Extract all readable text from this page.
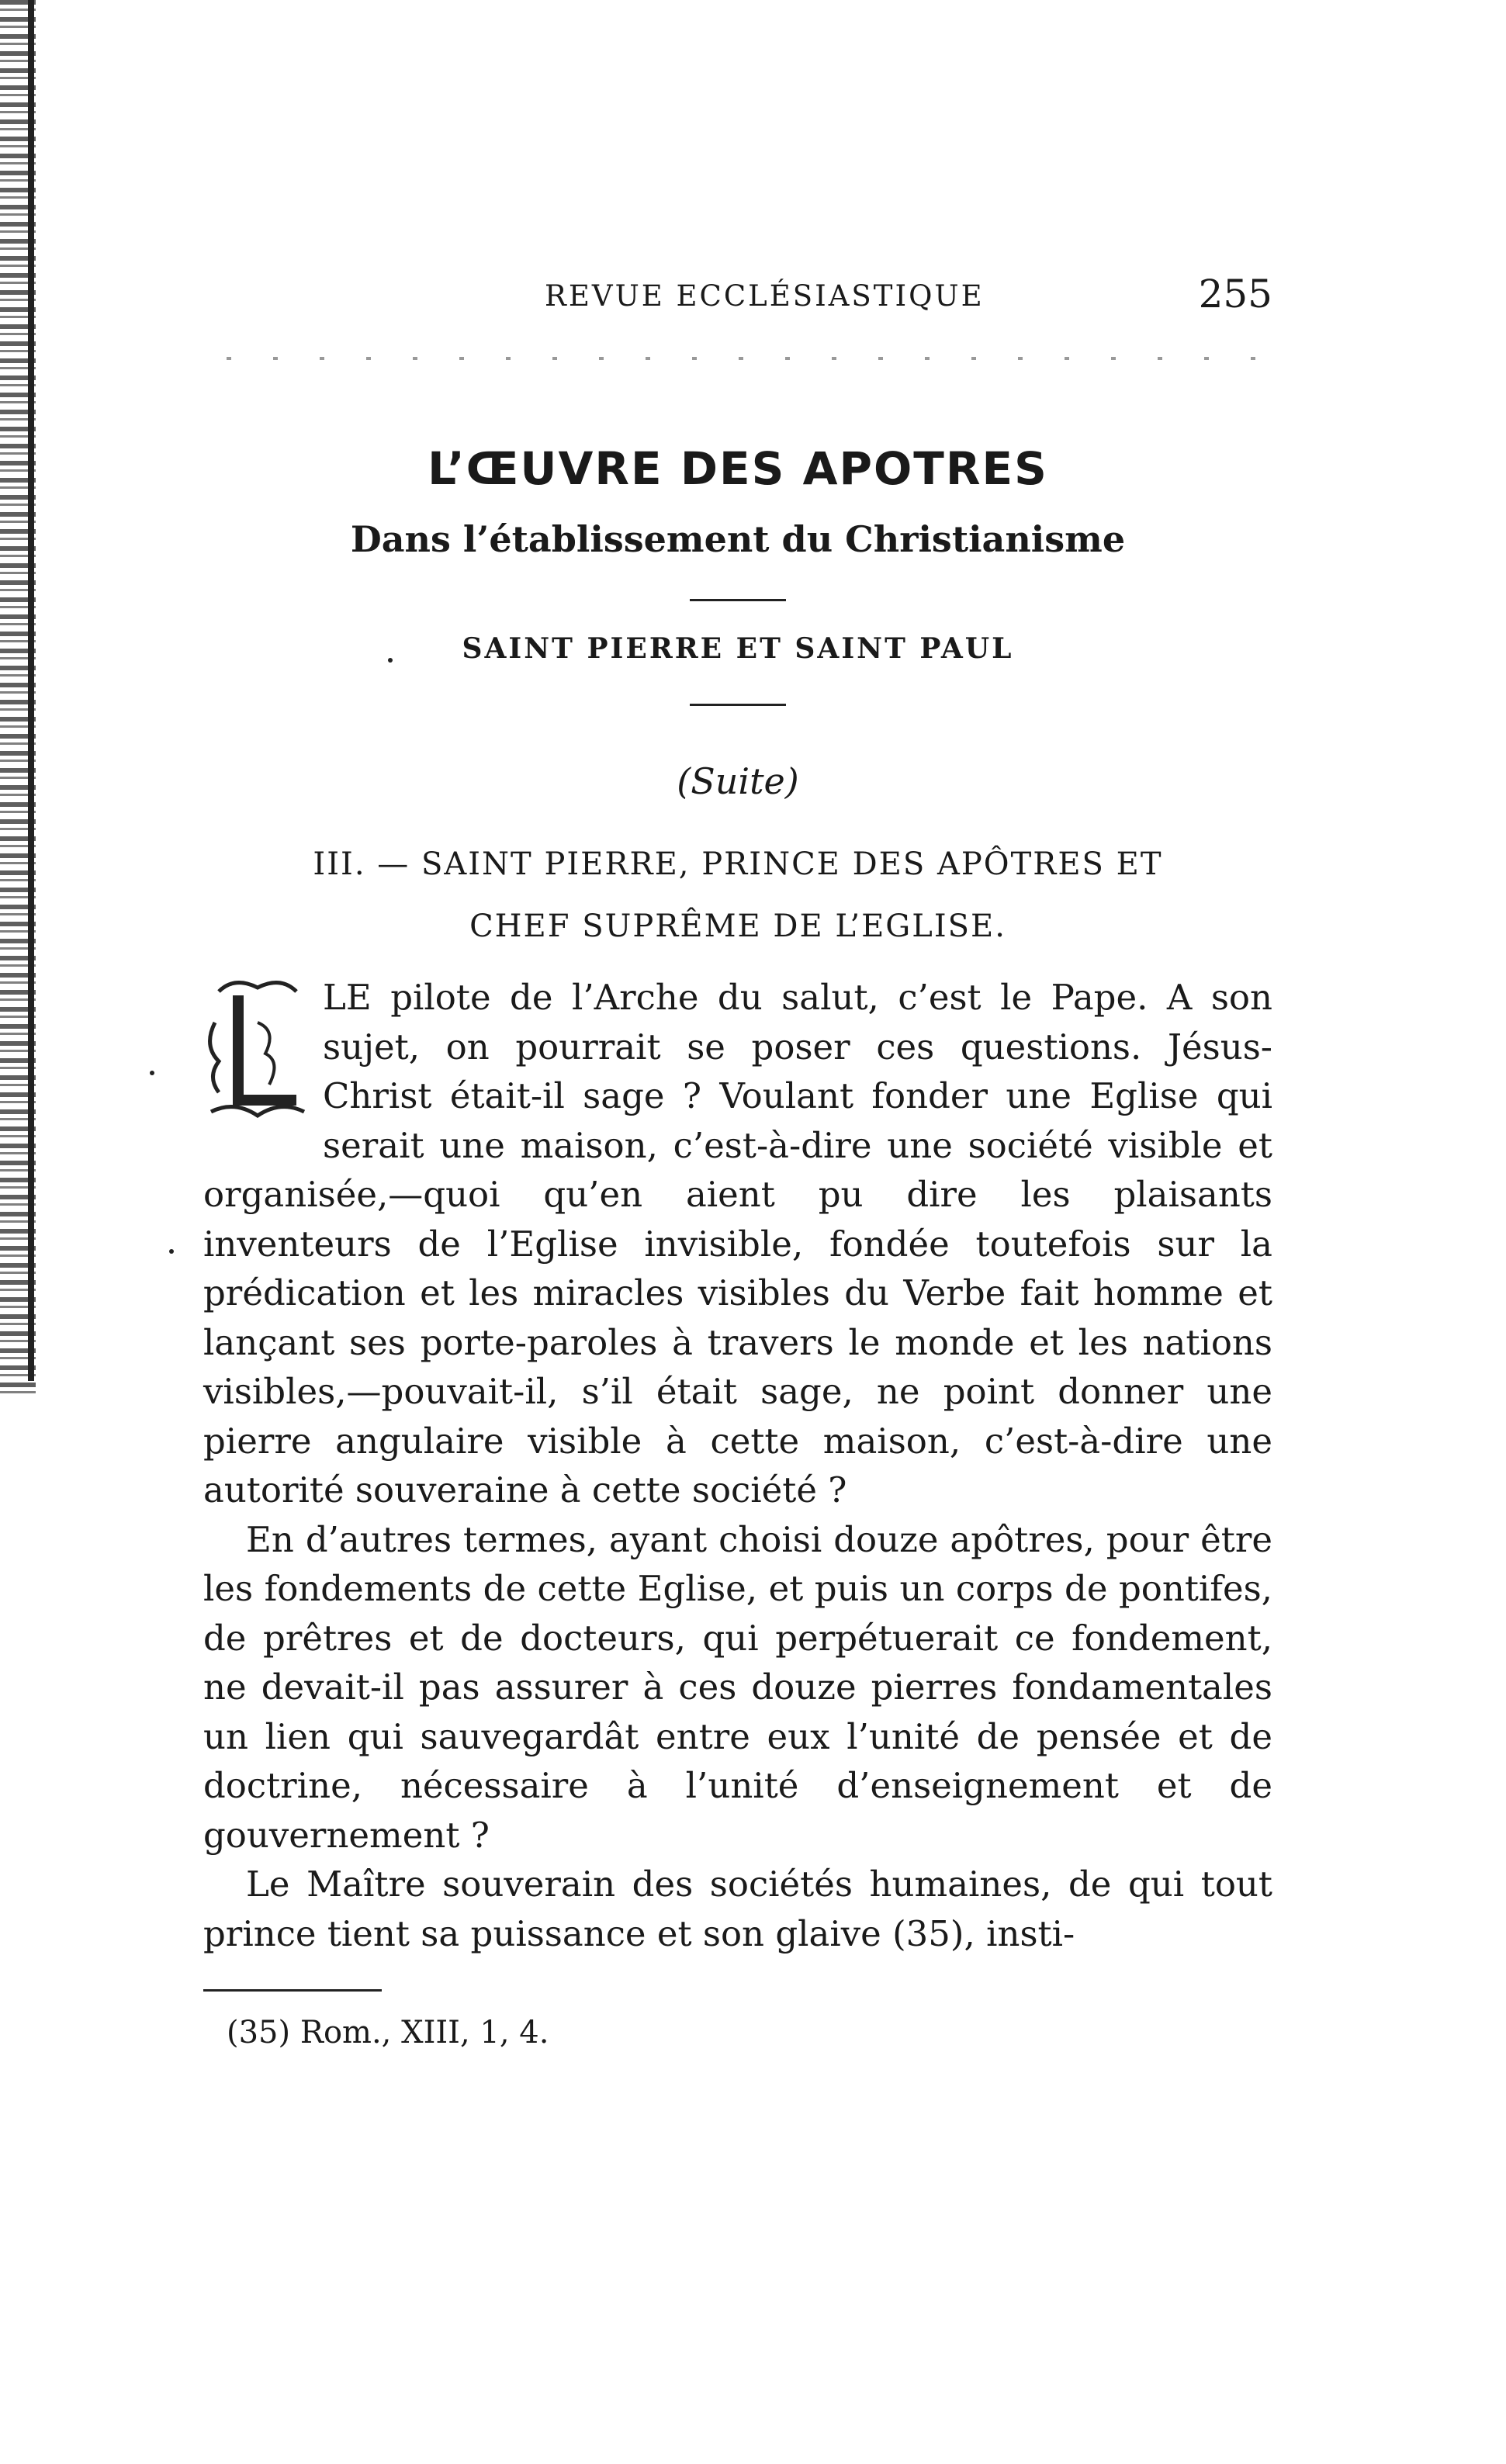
REVUE ECCLÉSIASTIQUE	255
L’ŒUVRE DES APOTRES
Dans l’établissement du Christianisme
SAINT PIERRE ET SAINT PAUL
(Suite)
III. — SAINT PIERRE, PRINCE DES APÔTRES ET
CHEF SUPRÊME DE L’EGLISE.

LE pilote de l’Arche du salut, c’est le Pape. A son sujet, on pourrait se poser ces questions. Jésus-Christ était-il sage ? Voulant fonder une Eglise qui serait une maison, c’est-à-dire une société visible et organisée,—quoi qu’en aient pu dire les plaisants inventeurs de l’Eglise invisible, fondée toutefois sur la prédication et les miracles visibles du Verbe fait homme et lançant ses porte-paroles à travers le monde et les nations visibles,—pouvait-il, s’il était sage, ne point donner une pierre angulaire visible à cette maison, c’est-à-dire une autorité souveraine à cette société ?

En d’autres termes, ayant choisi douze apôtres, pour être les fondements de cette Eglise, et puis un corps de pontifes, de prêtres et de docteurs, qui perpétuerait ce fondement, ne devait-il pas assurer à ces douze pierres fondamentales un lien qui sauvegardât entre eux l’unité de pensée et de doctrine, nécessaire à l’unité d’enseignement et de gouvernement ?

Le Maître souverain des sociétés humaines, de qui tout prince tient sa puissance et son glaive (35), insti-

(35) Rom., XIII, 1, 4.
